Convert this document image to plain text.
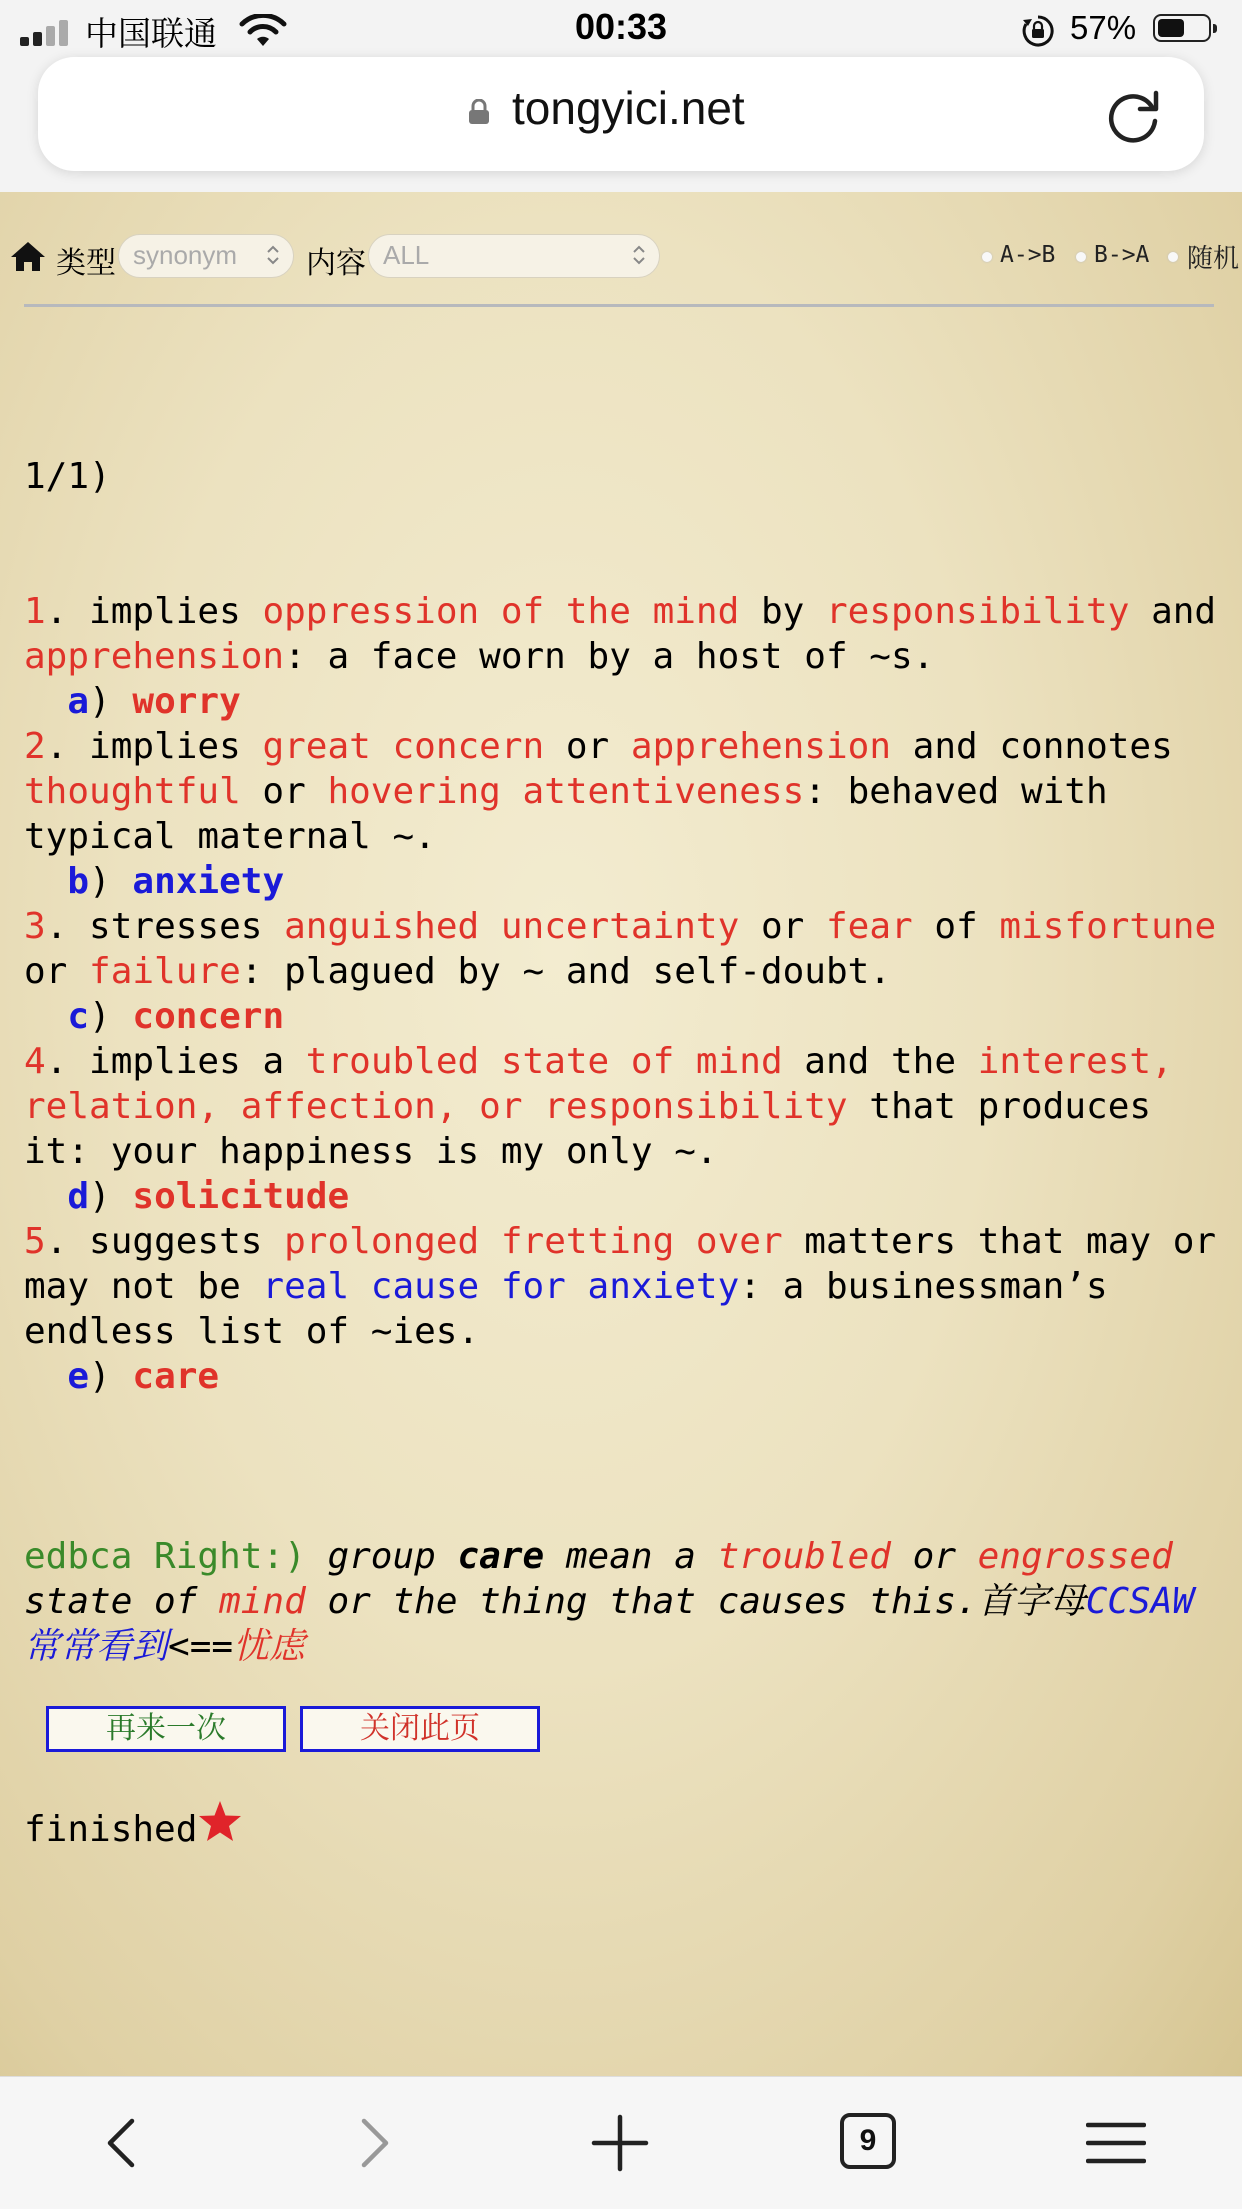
中国联通	00:33	57%
tongyici.net
类型 synonym	内容 ALL	A->B B->A 随机

1/1)

1. implies oppression of the mind by responsibility and apprehension: a face worn by a host of ~s.
a) worry
2. implies great concern or apprehension and connotes thoughtful or hovering attentiveness: behaved with typical maternal ~.
b) anxiety
3. stresses anguished uncertainty or fear of misfortune or failure: plagued by ~ and self-doubt.
c) concern
4. implies a troubled state of mind and the interest, relation, affection, or responsibility that produces it: your happiness is my only ~.
d) solicitude
5. suggests prolonged fretting over matters that may or may not be real cause for anxiety: a businessman’s endless list of ~ies.
e) care

edbca Right:) group care mean a troubled or engrossed state of mind or the thing that causes this.首字母CCSAW常常看到<==忧虑

finished

再来一次	关闭此页
9
